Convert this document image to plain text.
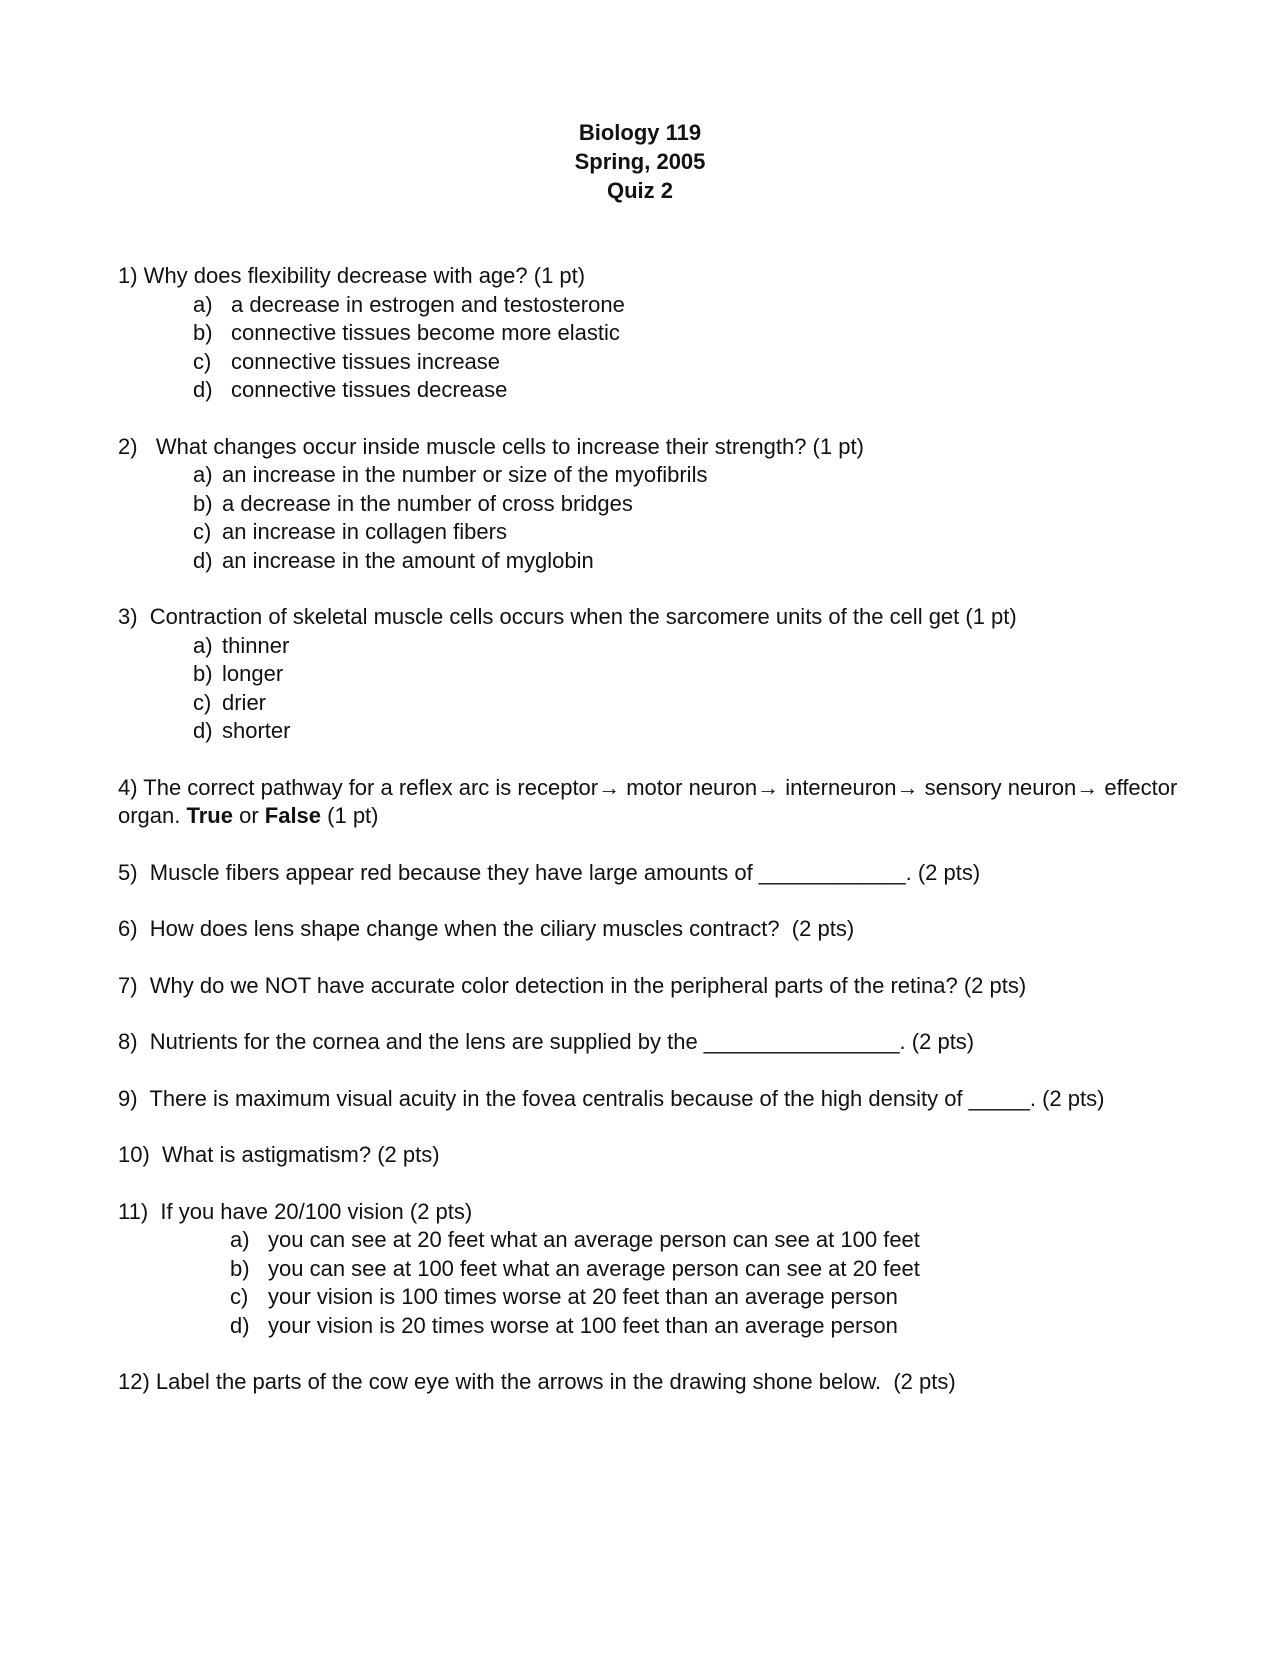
Biology 119
Spring, 2005
Quiz 2

1) Why does flexibility decrease with age? (1 pt)

a) a decrease in estrogen and testosterone
b) connective tissues become more elastic
c) connective tissues increase
d) connective tissues decrease

2)   What changes occur inside muscle cells to increase their strength? (1 pt)

a) an increase in the number or size of the myofibrils
b) a decrease in the number of cross bridges
c) an increase in collagen fibers
d) an increase in the amount of myglobin

3)  Contraction of skeletal muscle cells occurs when the sarcomere units of the cell get (1 pt)

a) thinner
b) longer
c) drier
d) shorter

4) The correct pathway for a reflex arc is receptor→ motor neuron→ interneuron→ sensory neuron→ effector organ. True or False (1 pt)

5)  Muscle fibers appear red because they have large amounts of ____________. (2 pts)

6)  How does lens shape change when the ciliary muscles contract?  (2 pts)

7)  Why do we NOT have accurate color detection in the peripheral parts of the retina? (2 pts)

8)  Nutrients for the cornea and the lens are supplied by the ________________. (2 pts)

9)  There is maximum visual acuity in the fovea centralis because of the high density of _____. (2 pts)

10)  What is astigmatism? (2 pts)

11)  If you have 20/100 vision (2 pts)

a) you can see at 20 feet what an average person can see at 100 feet
b) you can see at 100 feet what an average person can see at 20 feet
c) your vision is 100 times worse at 20 feet than an average person
d) your vision is 20 times worse at 100 feet than an average person

12) Label the parts of the cow eye with the arrows in the drawing shone below.  (2 pts)
